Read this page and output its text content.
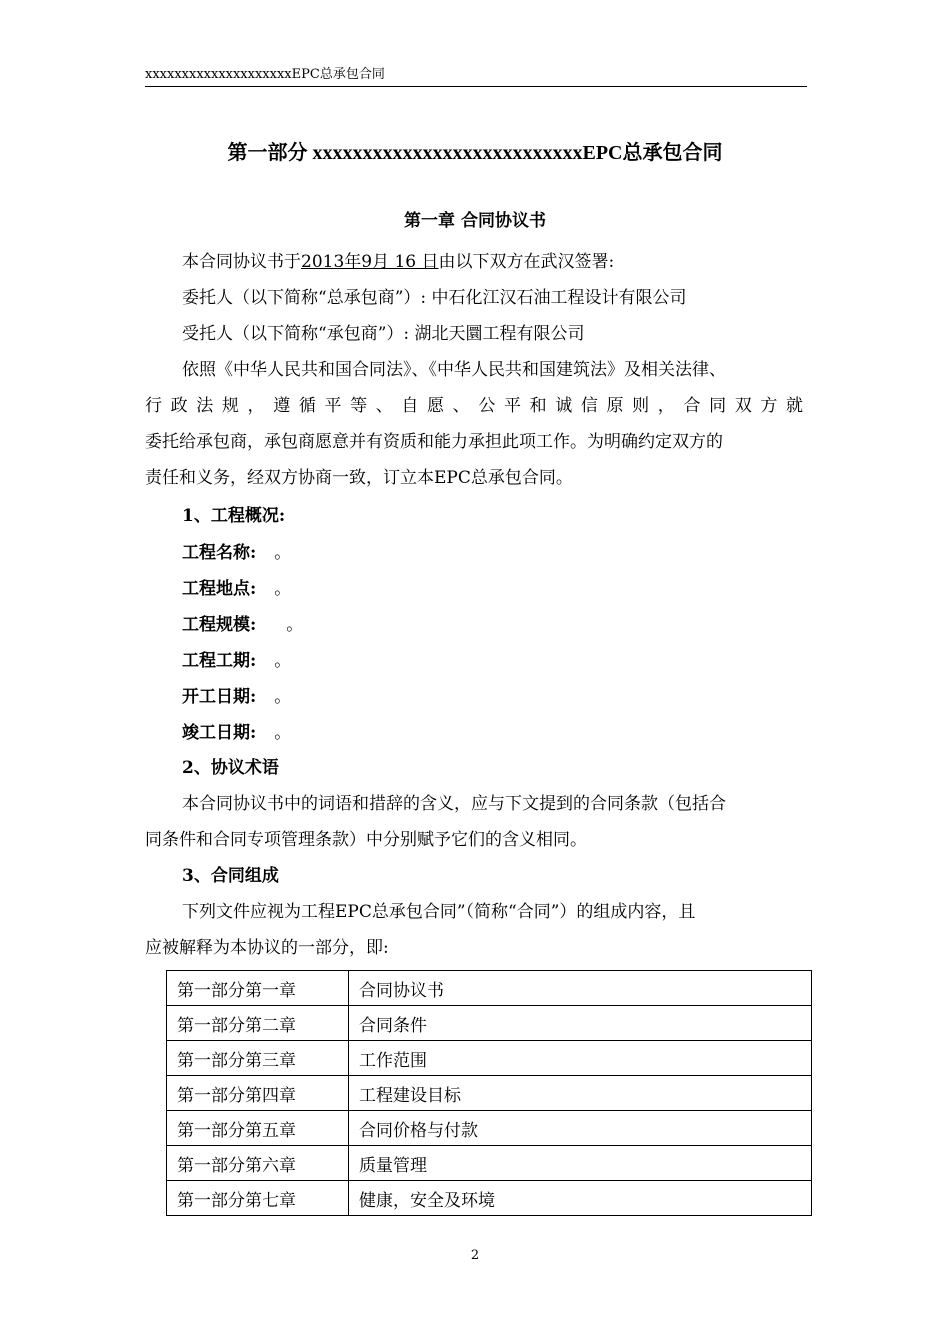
xxxxxxxxxxxxxxxxxxxxEPC总承包合同
第一部分 xxxxxxxxxxxxxxxxxxxxxxxxxxxEPC总承包合同
第一章 合同协议书
本合同协议书于2013年9月 16 日由以下双方在武汉签署:
委托人（以下简称“总承包商”）: 中石化江汉石油工程设计有限公司
受托人（以下简称“承包商”）: 湖北天圜工程有限公司
依照《中华人民共和国合同法》、《中华人民共和国建筑法》及相关法律、
行政法规，遵循平等、自愿、公平和诚信原则，合同双方就
委托给承包商，承包商愿意并有资质和能力承担此项工作。为明确约定双方的
责任和义务，经双方协商一致，订立本EPC总承包合同。
1、工程概况:
工程名称: 。
工程地点: 。
工程规模: 。
工程工期: 。
开工日期: 。
竣工日期: 。
2、协议术语
本合同协议书中的词语和措辞的含义，应与下文提到的合同条款（包括合
同条件和合同专项管理条款）中分别赋予它们的含义相同。
3、合同组成
下列文件应视为工程EPC总承包合同”（简称“合同”）的组成内容，且
应被解释为本协议的一部分，即:
第一部分第一章	合同协议书
第一部分第二章	合同条件
第一部分第三章	工作范围
第一部分第四章	工程建设目标
第一部分第五章	合同价格与付款
第一部分第六章	质量管理
第一部分第七章	健康，安全及环境
2
